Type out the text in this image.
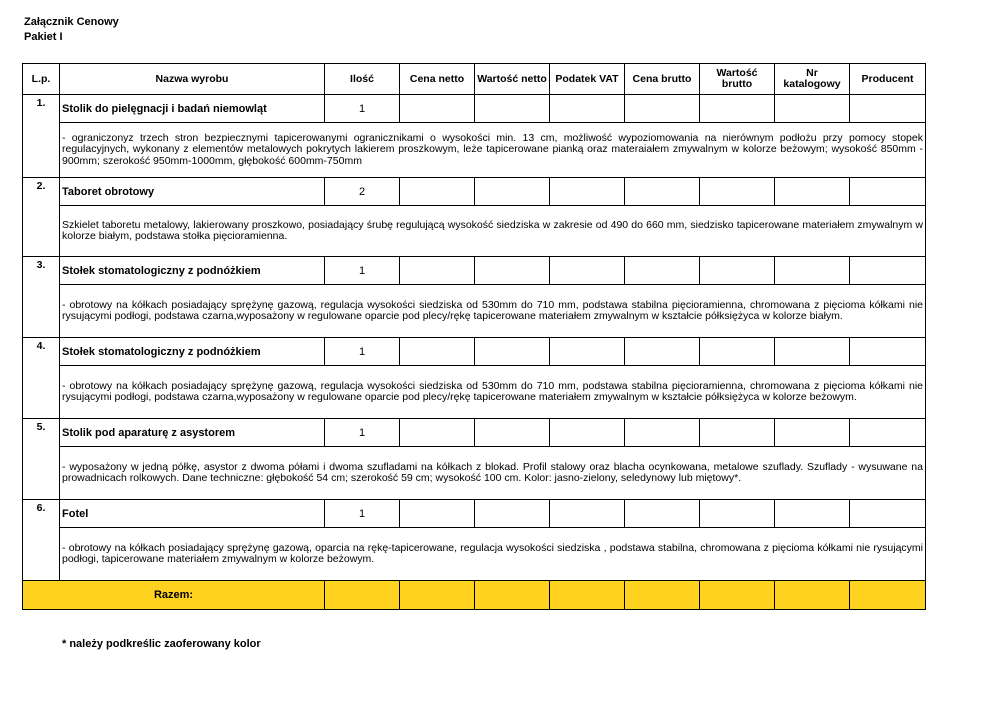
Załącznik Cenowy
Pakiet I
L.p.	Nazwa wyrobu	Ilość	Cena netto	Wartość netto	Podatek VAT	Cena brutto	Wartość brutto	Nr katalogowy	Producent
1.	Stolik do pielęgnacji i badań niemowląt	1							
	- ograniczonyz trzech stron bezpiecznymi tapicerowanymi ogranicznikami o wysokości min. 13 cm, możliwość wypoziomowania na nierównym podłożu przy pomocy stopek regulacyjnych, wykonany z elementów metalowych pokrytych lakierem proszkowym, leże tapicerowane pianką oraz materaiałem zmywalnym w kolorze beżowym; wysokość 850mm - 900mm; szerokość 950mm-1000mm, głębokość 600mm-750mm								
2.	Taboret obrotowy	2							
	Szkielet taboretu metalowy, lakierowany proszkowo, posiadający śrubę regulującą wysokość siedziska w zakresie od 490 do 660 mm, siedzisko tapicerowane materiałem zmywalnym w kolorze białym, podstawa stołka pięcioramienna.								
3.	Stołek stomatologiczny z podnóżkiem	1							
	- obrotowy na kółkach posiadający sprężynę gazową, regulacja wysokości siedziska od 530mm do 710 mm, podstawa stabilna pięcioramienna, chromowana z pięcioma kółkami nie rysującymi podłogi, podstawa czarna,wyposażony w regulowane oparcie pod plecy/rękę tapicerowane materiałem zmywalnym w kształcie półksiężyca w kolorze białym.								
4.	Stołek stomatologiczny z podnóżkiem	1							
	- obrotowy na kółkach posiadający sprężynę gazową, regulacja wysokości siedziska od 530mm do 710 mm, podstawa stabilna pięcioramienna, chromowana z pięcioma kółkami nie rysującymi podłogi, podstawa czarna,wyposażony w regulowane oparcie pod plecy/rękę tapicerowane materiałem zmywalnym w kształcie półksiężyca w kolorze beżowym.								
5.	Stolik pod aparaturę z asystorem	1							
	- wyposażony w jedną półkę, asystor z dwoma półami i dwoma szufladami na kółkach z blokad. Profil stalowy oraz blacha ocynkowana, metalowe szuflady. Szuflady - wysuwane na prowadnicach rolkowych. Dane techniczne: głębokość 54 cm; szerokość 59 cm; wysokość 100 cm. Kolor: jasno-zielony, seledynowy lub miętowy*.								
6.	Fotel	1							
	- obrotowy na kółkach posiadający sprężynę gazową, oparcia na rękę-tapicerowane, regulacja wysokości siedziska , podstawa stabilna, chromowana z pięcioma kółkami nie rysującymi podłogi, tapicerowane materiałem zmywalnym w kolorze beżowym.								
Razem:									
* należy podkreślic zaoferowany kolor
